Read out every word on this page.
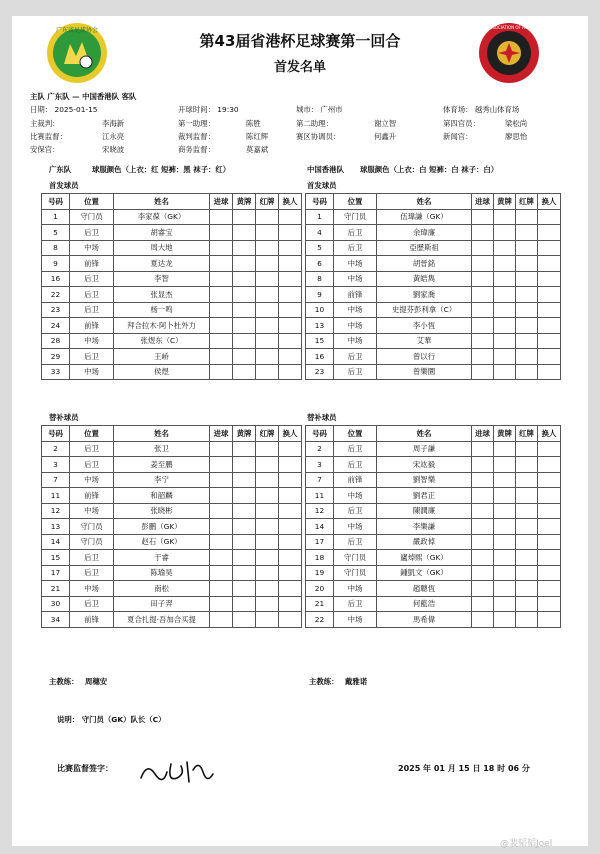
广东省足球协会	THE FOOTBALL ASSOCIATION OF HONG KONG, CHINA
第43届省港杯足球赛第一回合
首发名单
主队 广东队 — 中国香港队 客队
日期： 2025-01-15	开球时间： 19:30	城市： 广州市	体育场： 越秀山体育场
主裁判：	李海新	第一助理：	陈胜	第二助理：	谢立智	第四官员：	梁松尚
比赛监督：	江永亮	裁判监督：	陈红辉	赛区协调员：	何鑫升	新闻官：	廖思怡
安保官：	宋晓波	商务监督：	莫嘉斌
广东队	球服颜色（上衣：红 短裤：黑 袜子：红）	中国香港队 球服颜色（上衣：白 短裤：白 袜子：白）
首发球员	首发球员
号码	位置	姓名	进球	黄牌	红牌	换人
1	守门员	李家葆（GK）				
5	后卫	胡睿宝				
8	中场	周大地				
9	前锋	夏达龙				
16	后卫	李智				
22	后卫	张显杰				
23	后卫	杨一鸣				
24	前锋	拜合拉木·阿卜杜外力				
28	中场	张煜东（C）				
29	后卫	王峤				
33	中场	侯煜				
号码	位置	姓名	进球	黄牌	红牌	换人
1	守门员	伍瑋謙（GK）				
4	后卫	余瑋廉				
5	后卫	亞歷斯祖				
6	中场	胡晉銘				
8	中场	黃皓雋				
9	前锋	劉家喬				
10	中场	史提芬彭利拿（C）				
13	中场	李小恆				
15	中场	艾華				
16	后卫	曾以行				
23	后卫	曾樂圜				
替补球员	替补球员
号码	位置	姓名	进球	黄牌	红牌	换人
2	后卫	张卫				
3	后卫	姜至鹏				
7	中场	李宁				
11	前锋	和韶麟				
12	中场	张晓彬				
13	守门员	彭鹏（GK）				
14	守门员	赵石（GK）				
15	后卫	于睿				
17	后卫	陈瑜昊				
21	中场	南松				
30	后卫	田子羿				
34	前锋	夏合扎提·吾加合买提				
号码	位置	姓名	进球	黄牌	红牌	换人
2	后卫	周子謙				
3	后卫	宋竑毅				
7	前锋	劉智樂				
11	中场	劉君正				
12	后卫	陳潤廉				
14	中场	李樂謙				
17	后卫	嚴政倬				
18	守门员	廬焯熙（GK）				
19	守门员	鍾凱文（GK）				
20	中场	趙聰恆				
21	后卫	何藍浩				
22	中场	馬希偉				
主教练： 周穗安	主教练： 戴雅诺
说明： 守门员（GK）队长（C）
比赛监督签字：	2025 年 01 月 15 日 18 时 06 分
@裴韬韬Joel
